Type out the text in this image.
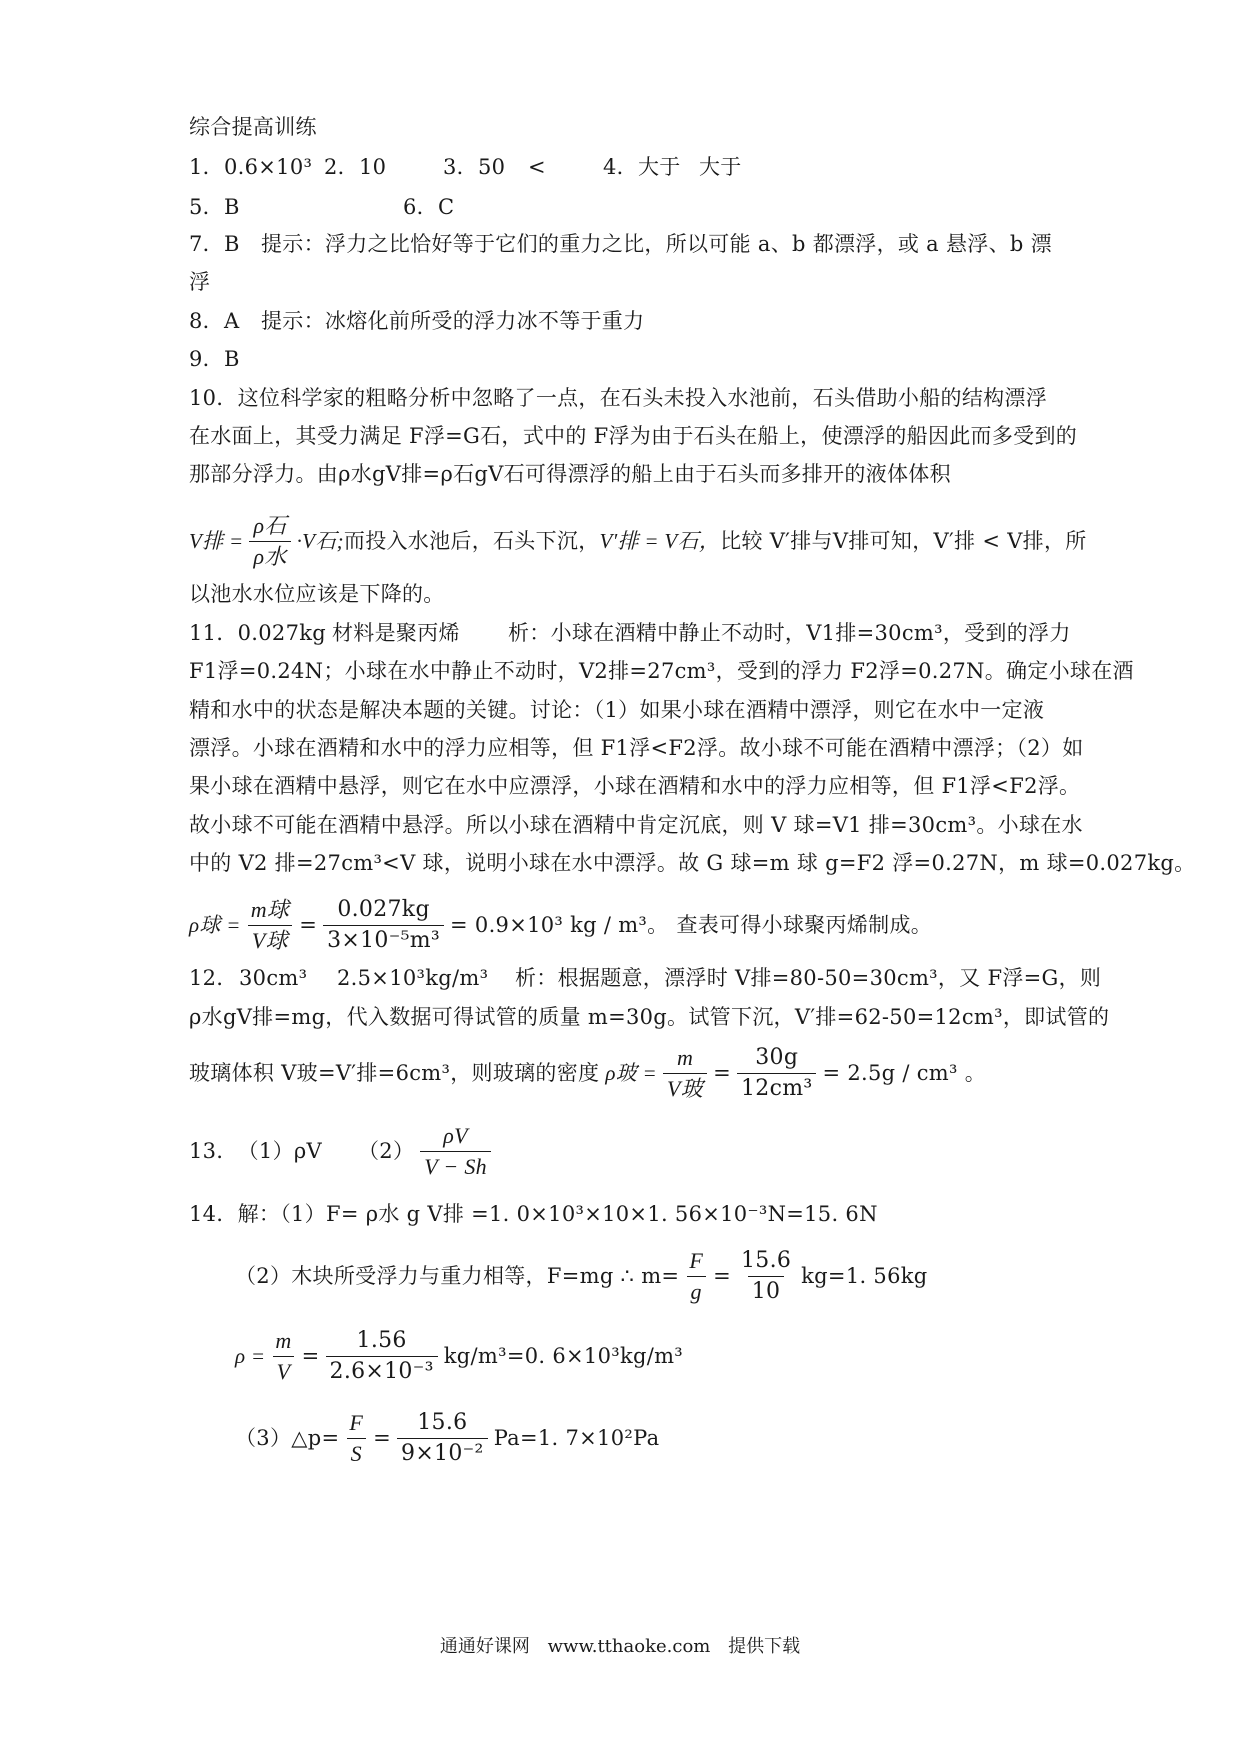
综合提高训练
1．0.6×10³ 2．10	3．50 <	4．大于 大于
5．B	6．C
7．B 提示：浮力之比恰好等于它们的重力之比，所以可能 a、b 都漂浮，或 a 悬浮、b 漂
浮
8．A 提示：冰熔化前所受的浮力冰不等于重力
9．B
10．这位科学家的粗略分析中忽略了一点，在石头未投入水池前，石头借助小船的结构漂浮
在水面上，其受力满足 F浮=G石，式中的 F浮为由于石头在船上，使漂浮的船因此而多受到的
那部分浮力。由ρ水gV排=ρ石gV石可得漂浮的船上由于石头而多排开的液体体积
V排 = $\frac{\text{ρ石}}{\text{ρ水}} \cdot V$石; 而投入水池后，石头下沉， V′排 = V石， 比较 V′排与V排可知，V′排 < V排， 所
以池水水位应该是下降的。
11．0.027kg 材料是聚丙烯 析：小球在酒精中静止不动时，V1排=30cm³，受到的浮力
F1浮=0.24N；小球在水中静止不动时，V2排=27cm³，受到的浮力 F2浮=0.27N。确定小球在酒
精和水中的状态是解决本题的关键。讨论：（1）如果小球在酒精中漂浮，则它在水中一定液
漂浮。小球在酒精和水中的浮力应相等，但 F1浮<F2浮。故小球不可能在酒精中漂浮；（2）如
果小球在酒精中悬浮，则它在水中应漂浮，小球在酒精和水中的浮力应相等，但 F1浮<F2浮。
故小球不可能在酒精中悬浮。所以小球在酒精中肯定沉底，则 V 球=V1 排=30cm³。小球在水
中的 V2 排=27cm³<V 球，说明小球在水中漂浮。故 G 球=m 球 g=F2 浮=0.27N，m 球=0.027kg。
ρ球 = $\frac{\text{m球}}{\text{V球}} = \frac{0.027kg}{\text{3×10⁻⁵m³}} = 0.9\times 10^3$ kg / m³。 查表可得小球聚丙烯制成。
12． 30cm³ 2.5×10³kg/m³ 析：根据题意，漂浮时 V排=80-50=30cm³，又 F浮=G，则
ρ水gV排=mg，代入数据可得试管的质量 m=30g。试管下沉，V′排=62-50=12cm³，即试管的
玻璃体积 V玻=V′排=6cm³，则玻璃的密度 ρ玻 = $\frac{m}{\text{V玻}} = \frac{30g}{\text{12cm³}} = 2.5g / cm^3$ 。
13． （1）ρV $(2) \frac{\rho V}{V - Sh}$
14．解：（1）F= ρ水 g V排 =1. 0×10³×10×1. 56×10⁻³N=15. 6N
（2）木块所受浮力与重力相等，F=mg ∴ $m= \frac{F}{g} = \frac{15.6}{10} kg=1$. 56kg
$\rho = \frac{m}{V} = \frac{1.56}{\text{2.6×10⁻³}} kg/m^3=0$. 6×10³kg/m³
（3）△p= $\frac{F}{S} = \frac{15.6}{\text{9×10⁻²}} Pa=1$. 7×10²Pa
通通好课网 www.tthaoke.com 提供下载
